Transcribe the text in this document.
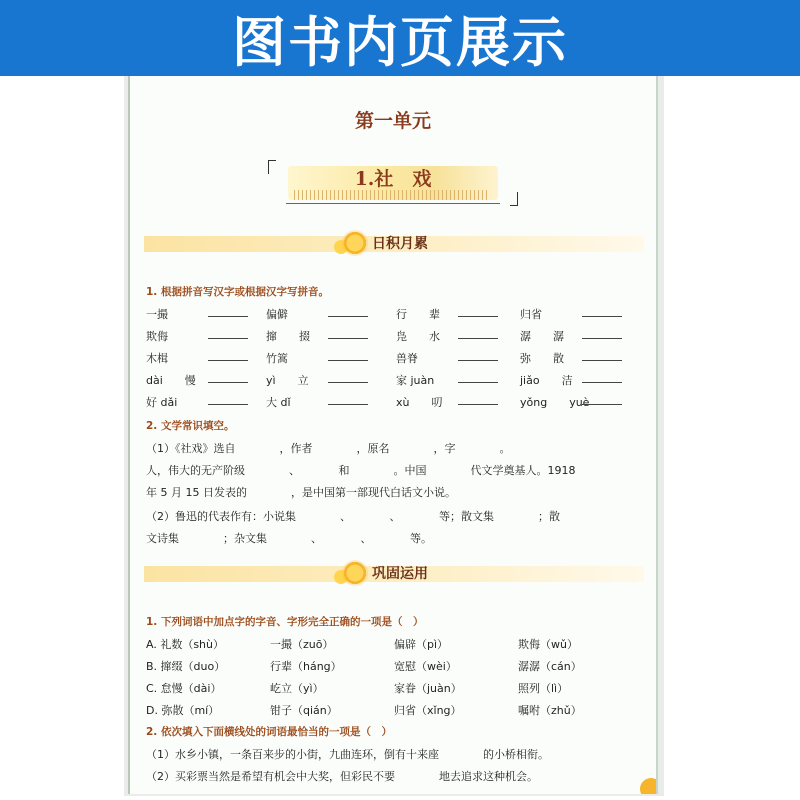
图书内页展示
第一单元
1.社　戏
日积月累
1. 根据拼音写汉字或根据汉字写拼音。
一撮	偏僻	行　　辈	归省
欺侮	撺　　掇	凫　　水	潺　　潺
木楫	竹篙	兽脊	弥　　散
dài　　慢	yì　　立	家 juàn	jiǎo　　洁
好 dǎi	大 dǐ	xù　　叨	yǒng　　yuè
2. 文学常识填空。
（1）《社戏》选自　　　　，作者　　　　，原名　　　　，字　　　　。
人，伟大的无产阶级　　　　、　　　　和　　　　。中国　　　　代文学奠基人。1918
年 5 月 15 日发表的　　　　，是中国第一部现代白话文小说。
（2）鲁迅的代表作有：小说集　　　　、　　　　、　　　　等；散文集　　　　；散
文诗集　　　　；杂文集　　　　、　　　　、　　　　等。
巩固运用
1. 下列词语中加点字的字音、字形完全正确的一项是（　）
A. 礼数（shù）	一撮（zuō）	偏辟（pì）	欺侮（wǔ）
B. 撺缀（duo）	行辈（háng）	宽慰（wèi）	潺潺（cán）
C. 怠慢（dài）	屹立（yì）	家眷（juàn）	照列（lì）
D. 弥散（mí）	钳子（qián）	归省（xǐng）	嘱咐（zhǔ）
2. 依次填入下面横线处的词语最恰当的一项是（　）
（1）水乡小镇，一条百来步的小街，九曲连环，倒有十来座　　　　的小桥相衔。
（2）买彩票当然是希望有机会中大奖，但彩民不要　　　　地去追求这种机会。
